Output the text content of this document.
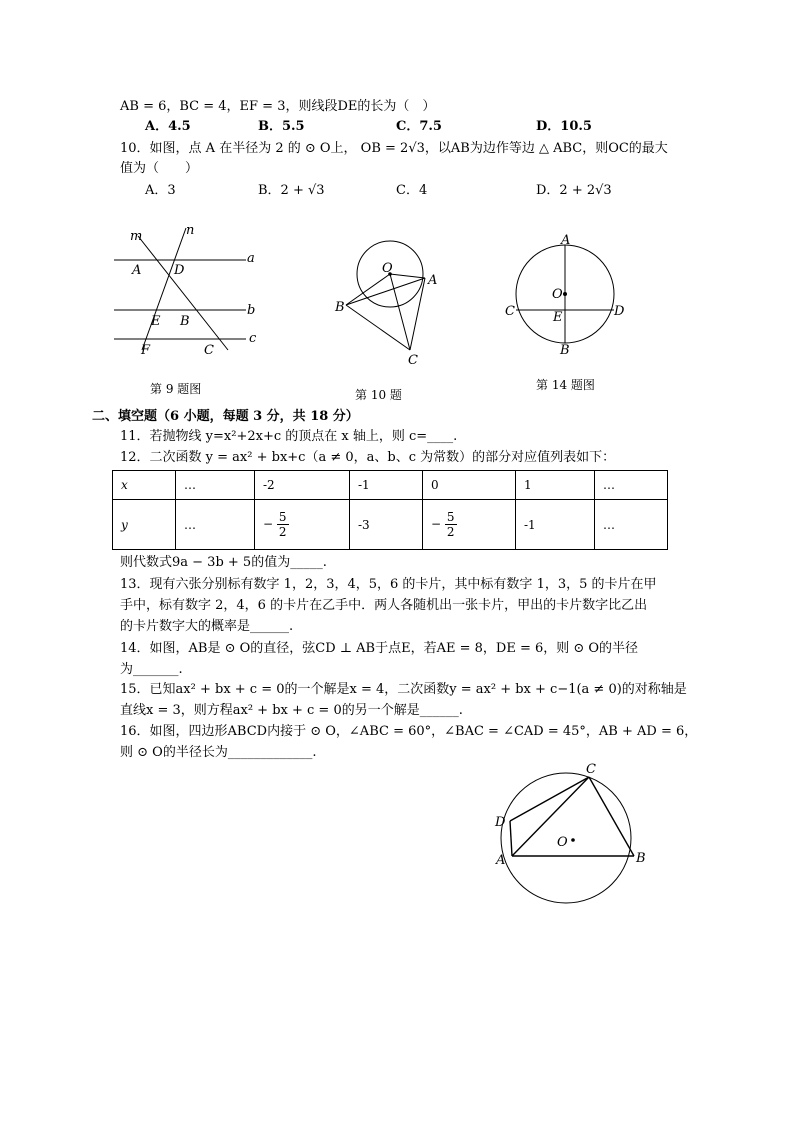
AB = 6，BC = 4，EF = 3，则线段DE的长为（　）
A．4.5	B．5.5	C．7.5	D．10.5
10．如图，点 A 在半径为 2 的 ⊙ O上， OB = 2√3，以AB为边作等边 △ ABC，则OC的最大
值为（　　）
A．3	B．2 + √3	C．4	D．2 + 2√3
m	n
a
b
c
A	D
E B
F	C
第 9 题图
O
A
B
C
第 10 题
A
O
C	D
E
B
第 14 题图
二、填空题（6 小题，每题 3 分，共 18 分）
11．若抛物线 y=x²+2x+c 的顶点在 x 轴上，则 c=____.
12．二次函数 y = ax² + bx+c（a ≠ 0，a、b、c 为常数）的部分对应值列表如下：
x	…	-2	-1	0	1	…
y	…	− $\frac{5}{2}$	-3	− $\frac{5}{2}$	-1	…
则代数式9a − 3b + 5的值为_____.
13．现有六张分别标有数字 1，2，3，4，5，6 的卡片，其中标有数字 1，3，5 的卡片在甲
手中，标有数字 2，4，6 的卡片在乙手中．两人各随机出一张卡片，甲出的卡片数字比乙出
的卡片数字大的概率是______.
14．如图，AB是 ⊙ O的直径，弦CD ⊥ AB于点E，若AE = 8，DE = 6，则 ⊙ O的半径
为_______.
15．已知ax² + bx + c = 0的一个解是x = 4，二次函数y = ax² + bx + c−1(a ≠ 0)的对称轴是
直线x = 3，则方程ax² + bx + c = 0的另一个解是______.
16．如图，四边形ABCD内接于 ⊙ O，∠ABC = 60°，∠BAC = ∠CAD = 45°，AB + AD = 6，
则 ⊙ O的半径长为_____________.
C
D
O
A	B
